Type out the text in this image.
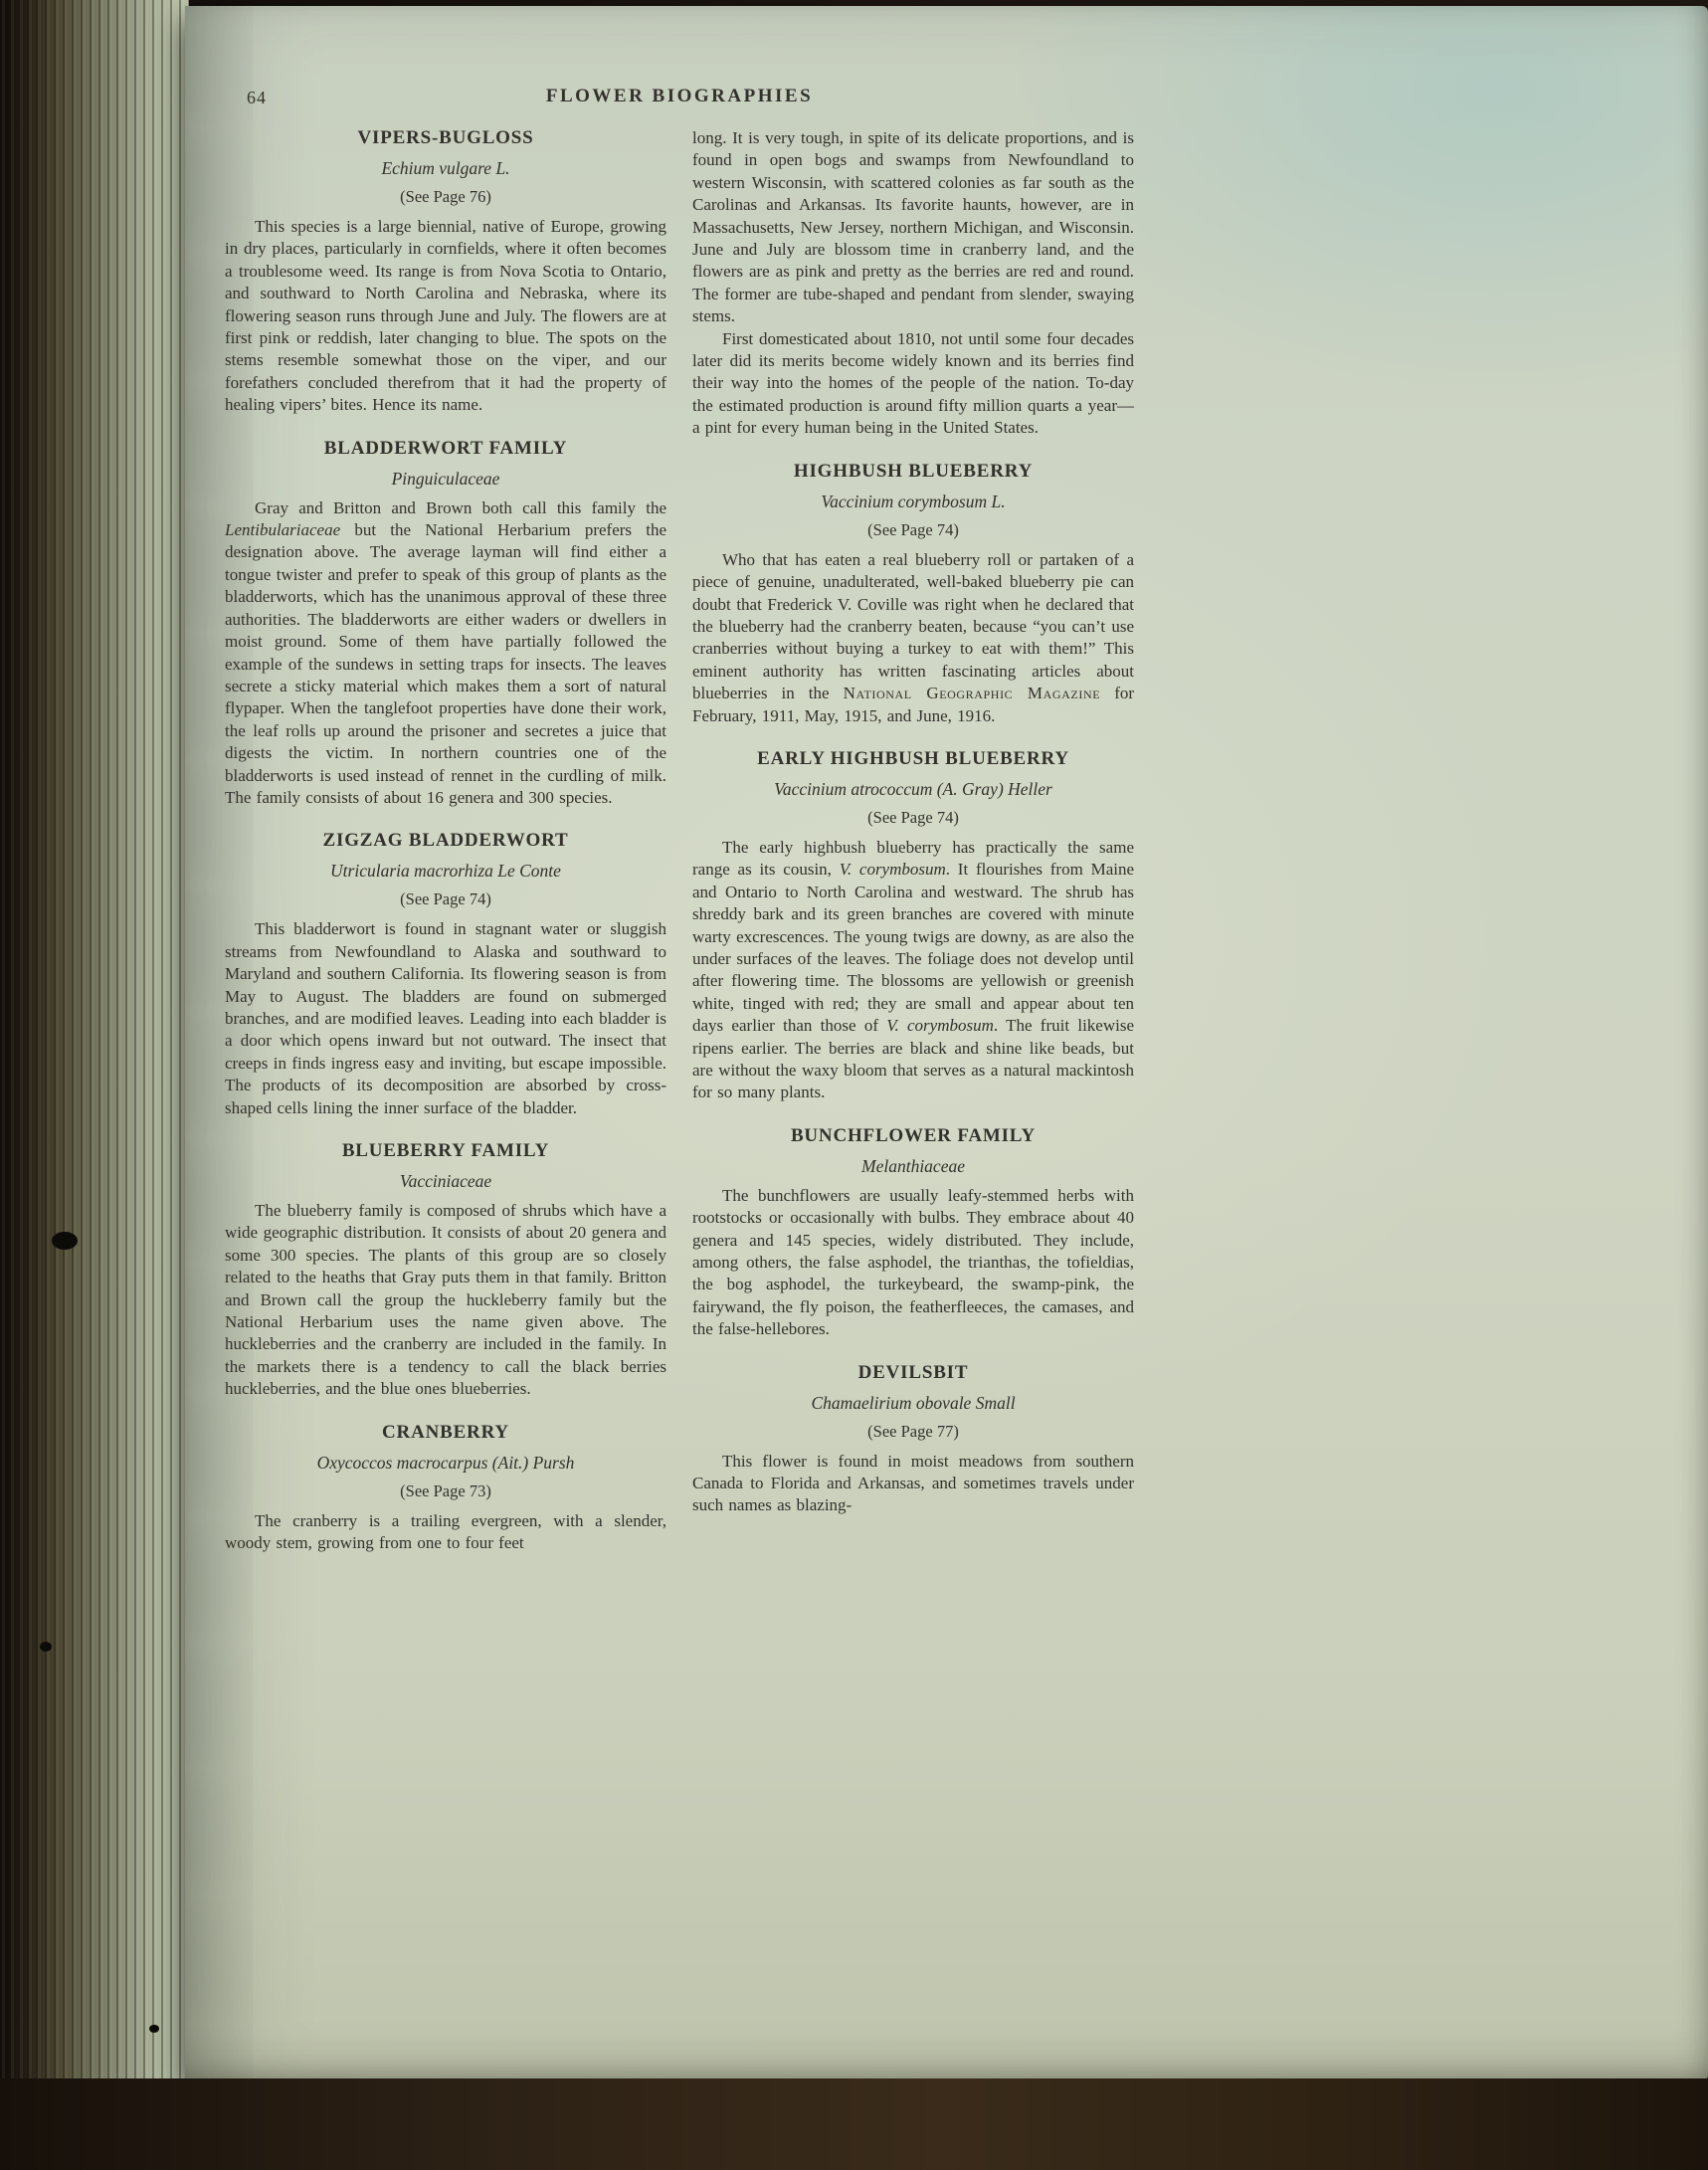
64	FLOWER BIOGRAPHIES
VIPERS-BUGLOSS
Echium vulgare L.
(See Page 76)

This species is a large biennial, native of Europe, growing in dry places, particularly in cornfields, where it often becomes a troublesome weed. Its range is from Nova Scotia to Ontario, and southward to North Carolina and Nebraska, where its flowering season runs through June and July. The flowers are at first pink or reddish, later changing to blue. The spots on the stems resemble somewhat those on the viper, and our forefathers concluded therefrom that it had the property of healing vipers’ bites. Hence its name.

BLADDERWORT FAMILY
Pinguiculaceae

Gray and Britton and Brown both call this family the Lentibulariaceae but the National Herbarium prefers the designation above. The average layman will find either a tongue twister and prefer to speak of this group of plants as the bladderworts, which has the unanimous approval of these three authorities. The bladderworts are either waders or dwellers in moist ground. Some of them have partially followed the example of the sundews in setting traps for insects. The leaves secrete a sticky material which makes them a sort of natural flypaper. When the tanglefoot properties have done their work, the leaf rolls up around the prisoner and secretes a juice that digests the victim. In northern countries one of the bladderworts is used instead of rennet in the curdling of milk. The family consists of about 16 genera and 300 species.

ZIGZAG BLADDERWORT
Utricularia macrorhiza Le Conte
(See Page 74)

This bladderwort is found in stagnant water or sluggish streams from Newfoundland to Alaska and southward to Maryland and southern California. Its flowering season is from May to August. The bladders are found on submerged branches, and are modified leaves. Leading into each bladder is a door which opens inward but not outward. The insect that creeps in finds ingress easy and inviting, but escape impossible. The products of its decomposition are absorbed by cross-shaped cells lining the inner surface of the bladder.

BLUEBERRY FAMILY
Vacciniaceae

The blueberry family is composed of shrubs which have a wide geographic distribution. It consists of about 20 genera and some 300 species. The plants of this group are so closely related to the heaths that Gray puts them in that family. Britton and Brown call the group the huckleberry family but the National Herbarium uses the name given above. The huckleberries and the cranberry are included in the family. In the markets there is a tendency to call the black berries huckleberries, and the blue ones blueberries.

CRANBERRY
Oxycoccos macrocarpus (Ait.) Pursh
(See Page 73)

The cranberry is a trailing evergreen, with a slender, woody stem, growing from one to four feet

long. It is very tough, in spite of its delicate proportions, and is found in open bogs and swamps from Newfoundland to western Wisconsin, with scattered colonies as far south as the Carolinas and Arkansas. Its favorite haunts, however, are in Massachusetts, New Jersey, northern Michigan, and Wisconsin. June and July are blossom time in cranberry land, and the flowers are as pink and pretty as the berries are red and round. The former are tube-shaped and pendant from slender, swaying stems.

First domesticated about 1810, not until some four decades later did its merits become widely known and its berries find their way into the homes of the people of the nation. To-day the estimated production is around fifty million quarts a year—a pint for every human being in the United States.

HIGHBUSH BLUEBERRY
Vaccinium corymbosum L.
(See Page 74)

Who that has eaten a real blueberry roll or partaken of a piece of genuine, unadulterated, well-baked blueberry pie can doubt that Frederick V. Coville was right when he declared that the blueberry had the cranberry beaten, because “you can’t use cranberries without buying a turkey to eat with them!” This eminent authority has written fascinating articles about blueberries in the National Geographic Magazine for February, 1911, May, 1915, and June, 1916.

EARLY HIGHBUSH BLUEBERRY
Vaccinium atrococcum (A. Gray) Heller
(See Page 74)

The early highbush blueberry has practically the same range as its cousin, V. corymbosum. It flourishes from Maine and Ontario to North Carolina and westward. The shrub has shreddy bark and its green branches are covered with minute warty excrescences. The young twigs are downy, as are also the under surfaces of the leaves. The foliage does not develop until after flowering time. The blossoms are yellowish or greenish white, tinged with red; they are small and appear about ten days earlier than those of V. corymbosum. The fruit likewise ripens earlier. The berries are black and shine like beads, but are without the waxy bloom that serves as a natural mackintosh for so many plants.

BUNCHFLOWER FAMILY
Melanthiaceae

The bunchflowers are usually leafy-stemmed herbs with rootstocks or occasionally with bulbs. They embrace about 40 genera and 145 species, widely distributed. They include, among others, the false asphodel, the trianthas, the tofieldias, the bog asphodel, the turkeybeard, the swamp-pink, the fairywand, the fly poison, the featherfleeces, the camases, and the false-hellebores.

DEVILSBIT
Chamaelirium obovale Small
(See Page 77)

This flower is found in moist meadows from southern Canada to Florida and Arkansas, and sometimes travels under such names as blazing-
